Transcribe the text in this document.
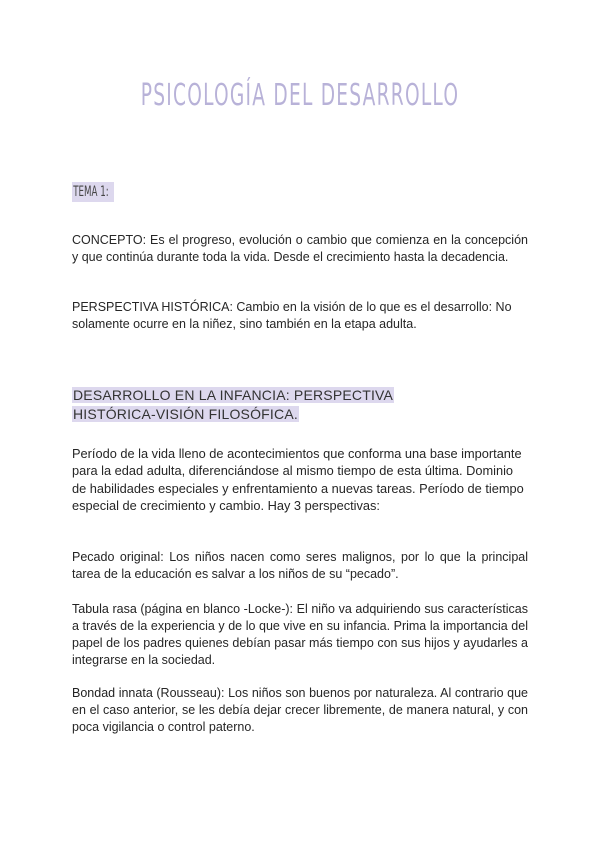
PSICOLOGÍA DEL DESARROLLO
TEMA 1:

CONCEPTO: Es el progreso, evolución o cambio que comienza en la concepción y que continúa durante toda la vida. Desde el crecimiento hasta la decadencia.

PERSPECTIVA HISTÓRICA: Cambio en la visión de lo que es el desarrollo: No solamente ocurre en la niñez, sino también en la etapa adulta.

DESARROLLO EN LA INFANCIA: PERSPECTIVA
HISTÓRICA-VISIÓN FILOSÓFICA.

Período de la vida lleno de acontecimientos que conforma una base importante para la edad adulta, diferenciándose al mismo tiempo de esta última. Dominio de habilidades especiales y enfrentamiento a nuevas tareas. Período de tiempo especial de crecimiento y cambio. Hay 3 perspectivas:

Pecado original: Los niños nacen como seres malignos, por lo que la principal tarea de la educación es salvar a los niños de su “pecado”.

Tabula rasa (página en blanco -Locke-): El niño va adquiriendo sus características a través de la experiencia y de lo que vive en su infancia. Prima la importancia del papel de los padres quienes debían pasar más tiempo con sus hijos y ayudarles a integrarse en la sociedad.

Bondad innata (Rousseau): Los niños son buenos por naturaleza. Al contrario que en el caso anterior, se les debía dejar crecer libremente, de manera natural, y con poca vigilancia o control paterno.
